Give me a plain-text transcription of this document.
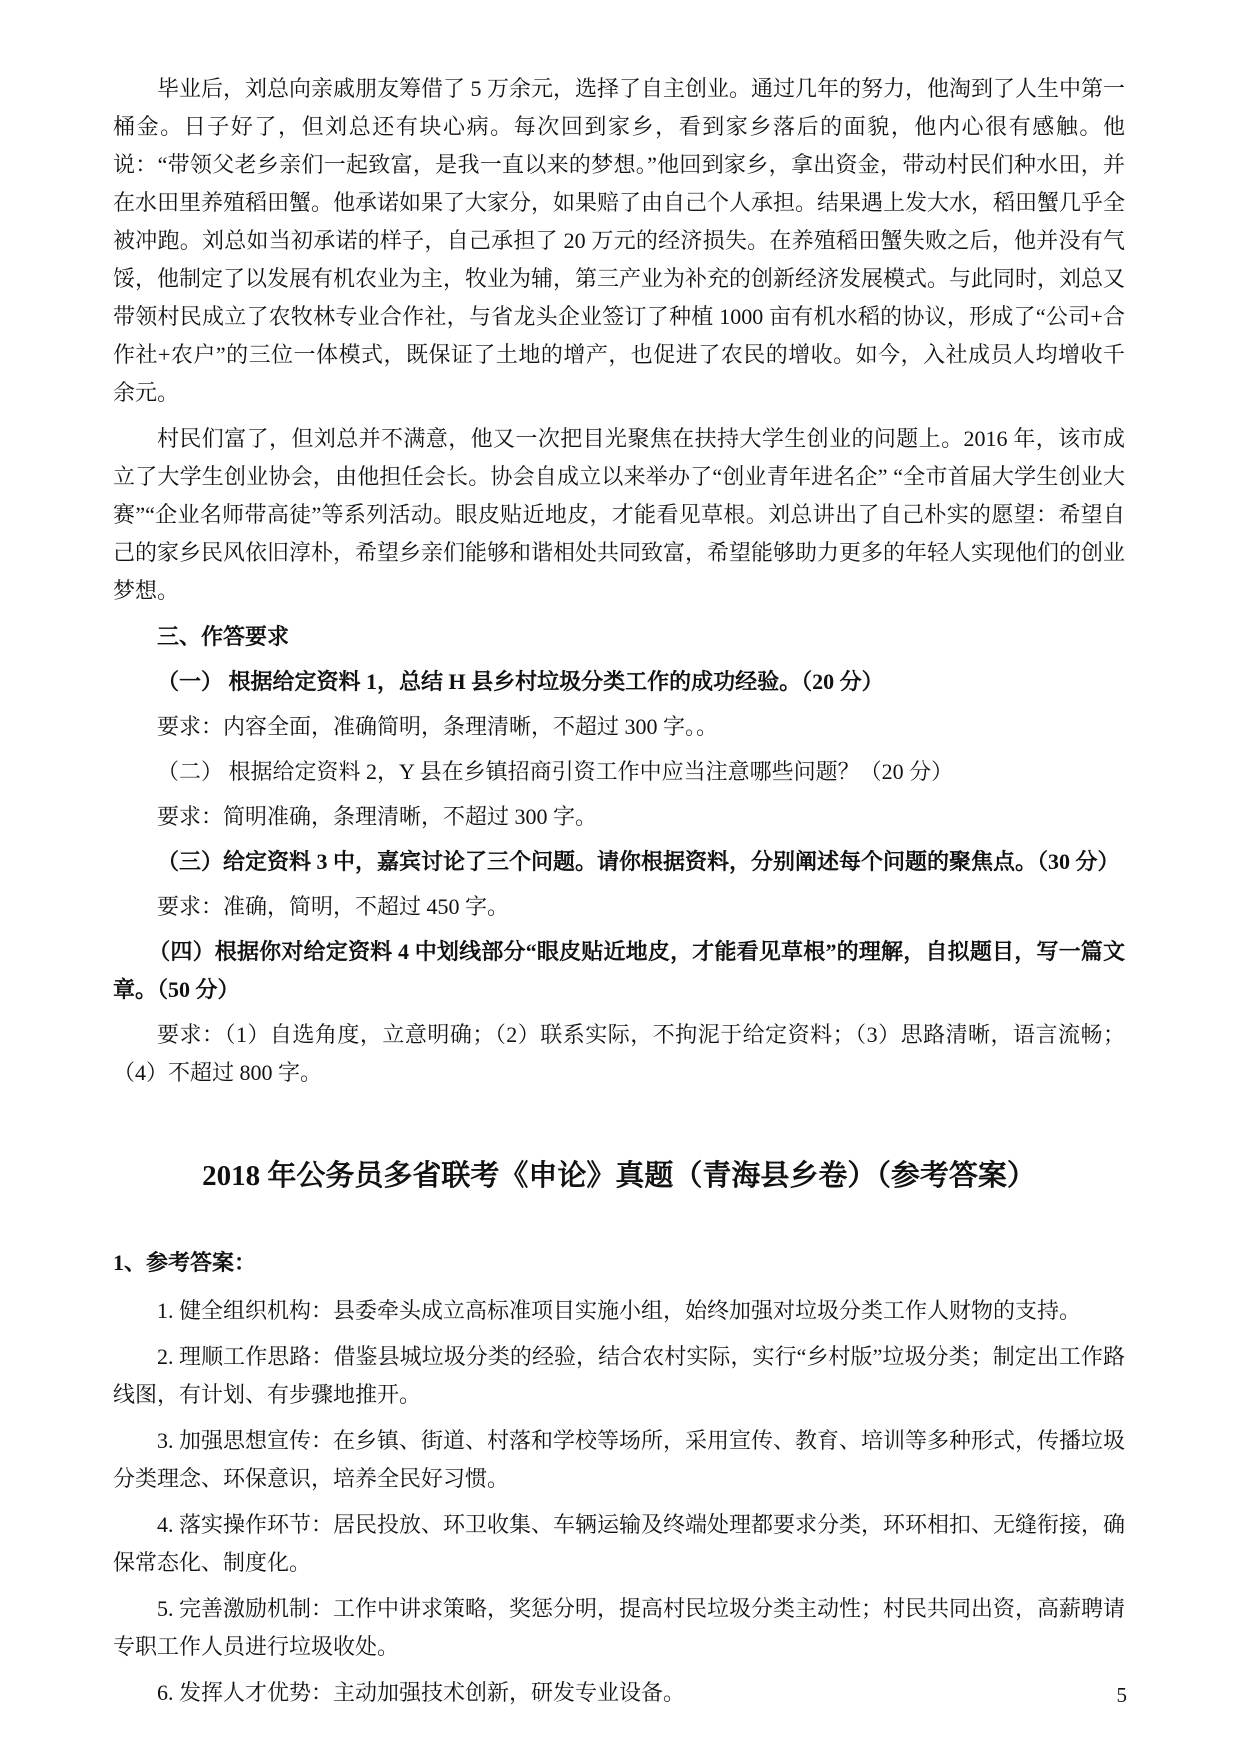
毕业后，刘总向亲戚朋友筹借了 5 万余元，选择了自主创业。通过几年的努力，他淘到了人生中第一桶金。日子好了，但刘总还有块心病。每次回到家乡，看到家乡落后的面貌，他内心很有感触。他说：“带领父老乡亲们一起致富，是我一直以来的梦想。”他回到家乡，拿出资金，带动村民们种水田，并在水田里养殖稻田蟹。他承诺如果了大家分，如果赔了由自己个人承担。结果遇上发大水，稻田蟹几乎全被冲跑。刘总如当初承诺的样子，自己承担了 20 万元的经济损失。在养殖稻田蟹失败之后，他并没有气馁，他制定了以发展有机农业为主，牧业为辅，第三产业为补充的创新经济发展模式。与此同时，刘总又带领村民成立了农牧林专业合作社，与省龙头企业签订了种植 1000 亩有机水稻的协议，形成了“公司+合作社+农户”的三位一体模式，既保证了土地的增产，也促进了农民的增收。如今，入社成员人均增收千余元。

村民们富了，但刘总并不满意，他又一次把目光聚焦在扶持大学生创业的问题上。2016 年，该市成立了大学生创业协会，由他担任会长。协会自成立以来举办了“创业青年进名企” “全市首届大学生创业大赛”“企业名师带高徒”等系列活动。眼皮贴近地皮，才能看见草根。刘总讲出了自己朴实的愿望：希望自己的家乡民风依旧淳朴，希望乡亲们能够和谐相处共同致富，希望能够助力更多的年轻人实现他们的创业梦想。

三、作答要求

（一） 根据给定资料 1，总结 H 县乡村垃圾分类工作的成功经验。（20 分）

要求：内容全面，准确简明，条理清晰，不超过 300 字。。

（二） 根据给定资料 2，Y 县在乡镇招商引资工作中应当注意哪些问题？（20 分）

要求：简明准确，条理清晰，不超过 300 字。

（三）给定资料 3 中，嘉宾讨论了三个问题。请你根据资料，分别阐述每个问题的聚焦点。（30 分）

要求：准确，简明，不超过 450 字。

（四）根据你对给定资料 4 中划线部分“眼皮贴近地皮，才能看见草根”的理解，自拟题目，写一篇文章。（50 分）

要求：（1）自选角度，立意明确；（2）联系实际，不拘泥于给定资料；（3）思路清晰，语言流畅；（4）不超过 800 字。

2018 年公务员多省联考《申论》真题（青海县乡卷）（参考答案）

1、参考答案：

1. 健全组织机构：县委牵头成立高标准项目实施小组，始终加强对垃圾分类工作人财物的支持。

2. 理顺工作思路：借鉴县城垃圾分类的经验，结合农村实际，实行“乡村版”垃圾分类；制定出工作路线图，有计划、有步骤地推开。

3. 加强思想宣传：在乡镇、街道、村落和学校等场所，采用宣传、教育、培训等多种形式，传播垃圾分类理念、环保意识，培养全民好习惯。

4. 落实操作环节：居民投放、环卫收集、车辆运输及终端处理都要求分类，环环相扣、无缝衔接，确保常态化、制度化。

5. 完善激励机制：工作中讲求策略，奖惩分明，提高村民垃圾分类主动性；村民共同出资，高薪聘请专职工作人员进行垃圾收处。

6. 发挥人才优势：主动加强技术创新，研发专业设备。	5
